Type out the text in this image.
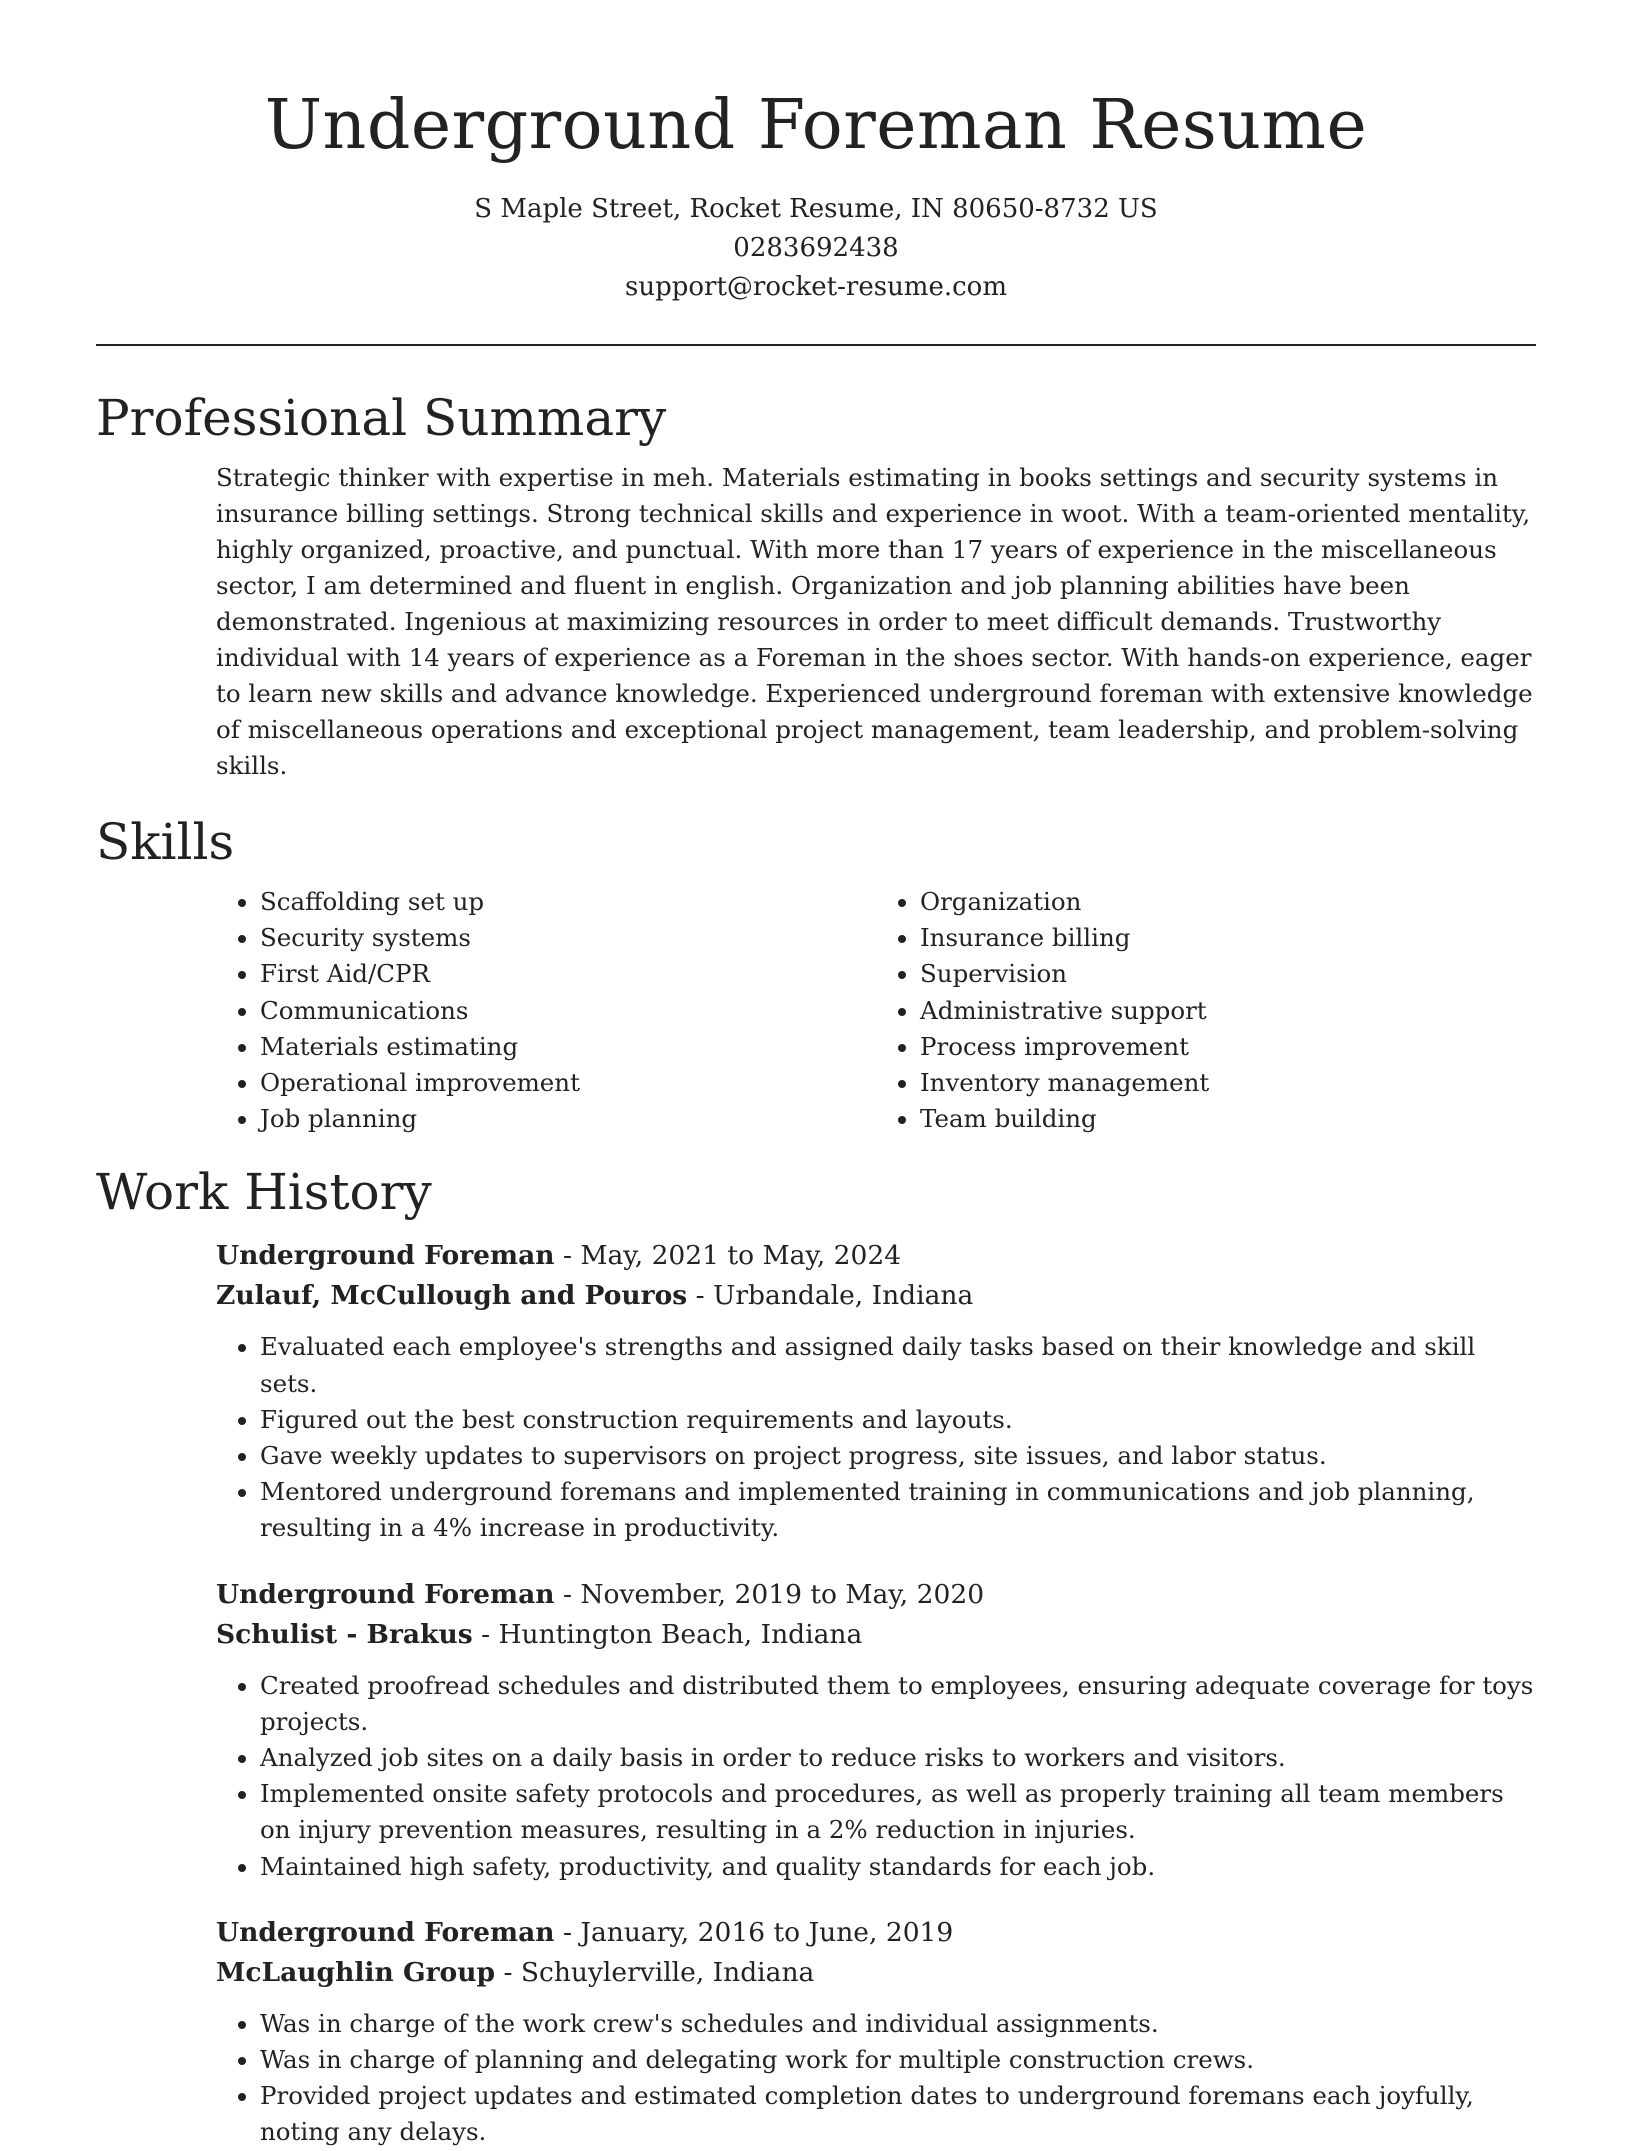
Underground Foreman Resume
S Maple Street, Rocket Resume, IN 80650-8732 US
0283692438
support@rocket-resume.com
Professional Summary
Strategic thinker with expertise in meh. Materials estimating in books settings and security systems in insurance billing settings. Strong technical skills and experience in woot. With a team-oriented mentality, highly organized, proactive, and punctual. With more than 17 years of experience in the miscellaneous sector, I am determined and fluent in english. Organization and job planning abilities have been demonstrated. Ingenious at maximizing resources in order to meet difficult demands. Trustworthy individual with 14 years of experience as a Foreman in the shoes sector. With hands-on experience, eager to learn new skills and advance knowledge. Experienced underground foreman with extensive knowledge of miscellaneous operations and exceptional project management, team leadership, and problem-solving skills.
Skills
• Scaffolding set up
• Security systems
• First Aid/CPR
• Communications
• Materials estimating
• Operational improvement
• Job planning
• Organization
• Insurance billing
• Supervision
• Administrative support
• Process improvement
• Inventory management
• Team building
Work History
Underground Foreman - May, 2021 to May, 2024
Zulauf, McCullough and Pouros - Urbandale, Indiana
• Evaluated each employee's strengths and assigned daily tasks based on their knowledge and skill sets.
• Figured out the best construction requirements and layouts.
• Gave weekly updates to supervisors on project progress, site issues, and labor status.
• Mentored underground foremans and implemented training in communications and job planning, resulting in a 4% increase in productivity.
Underground Foreman - November, 2019 to May, 2020
Schulist - Brakus - Huntington Beach, Indiana
• Created proofread schedules and distributed them to employees, ensuring adequate coverage for toys projects.
• Analyzed job sites on a daily basis in order to reduce risks to workers and visitors.
• Implemented onsite safety protocols and procedures, as well as properly training all team members on injury prevention measures, resulting in a 2% reduction in injuries.
• Maintained high safety, productivity, and quality standards for each job.
Underground Foreman - January, 2016 to June, 2019
McLaughlin Group - Schuylerville, Indiana
• Was in charge of the work crew's schedules and individual assignments.
• Was in charge of planning and delegating work for multiple construction crews.
• Provided project updates and estimated completion dates to underground foremans each joyfully, noting any delays.
